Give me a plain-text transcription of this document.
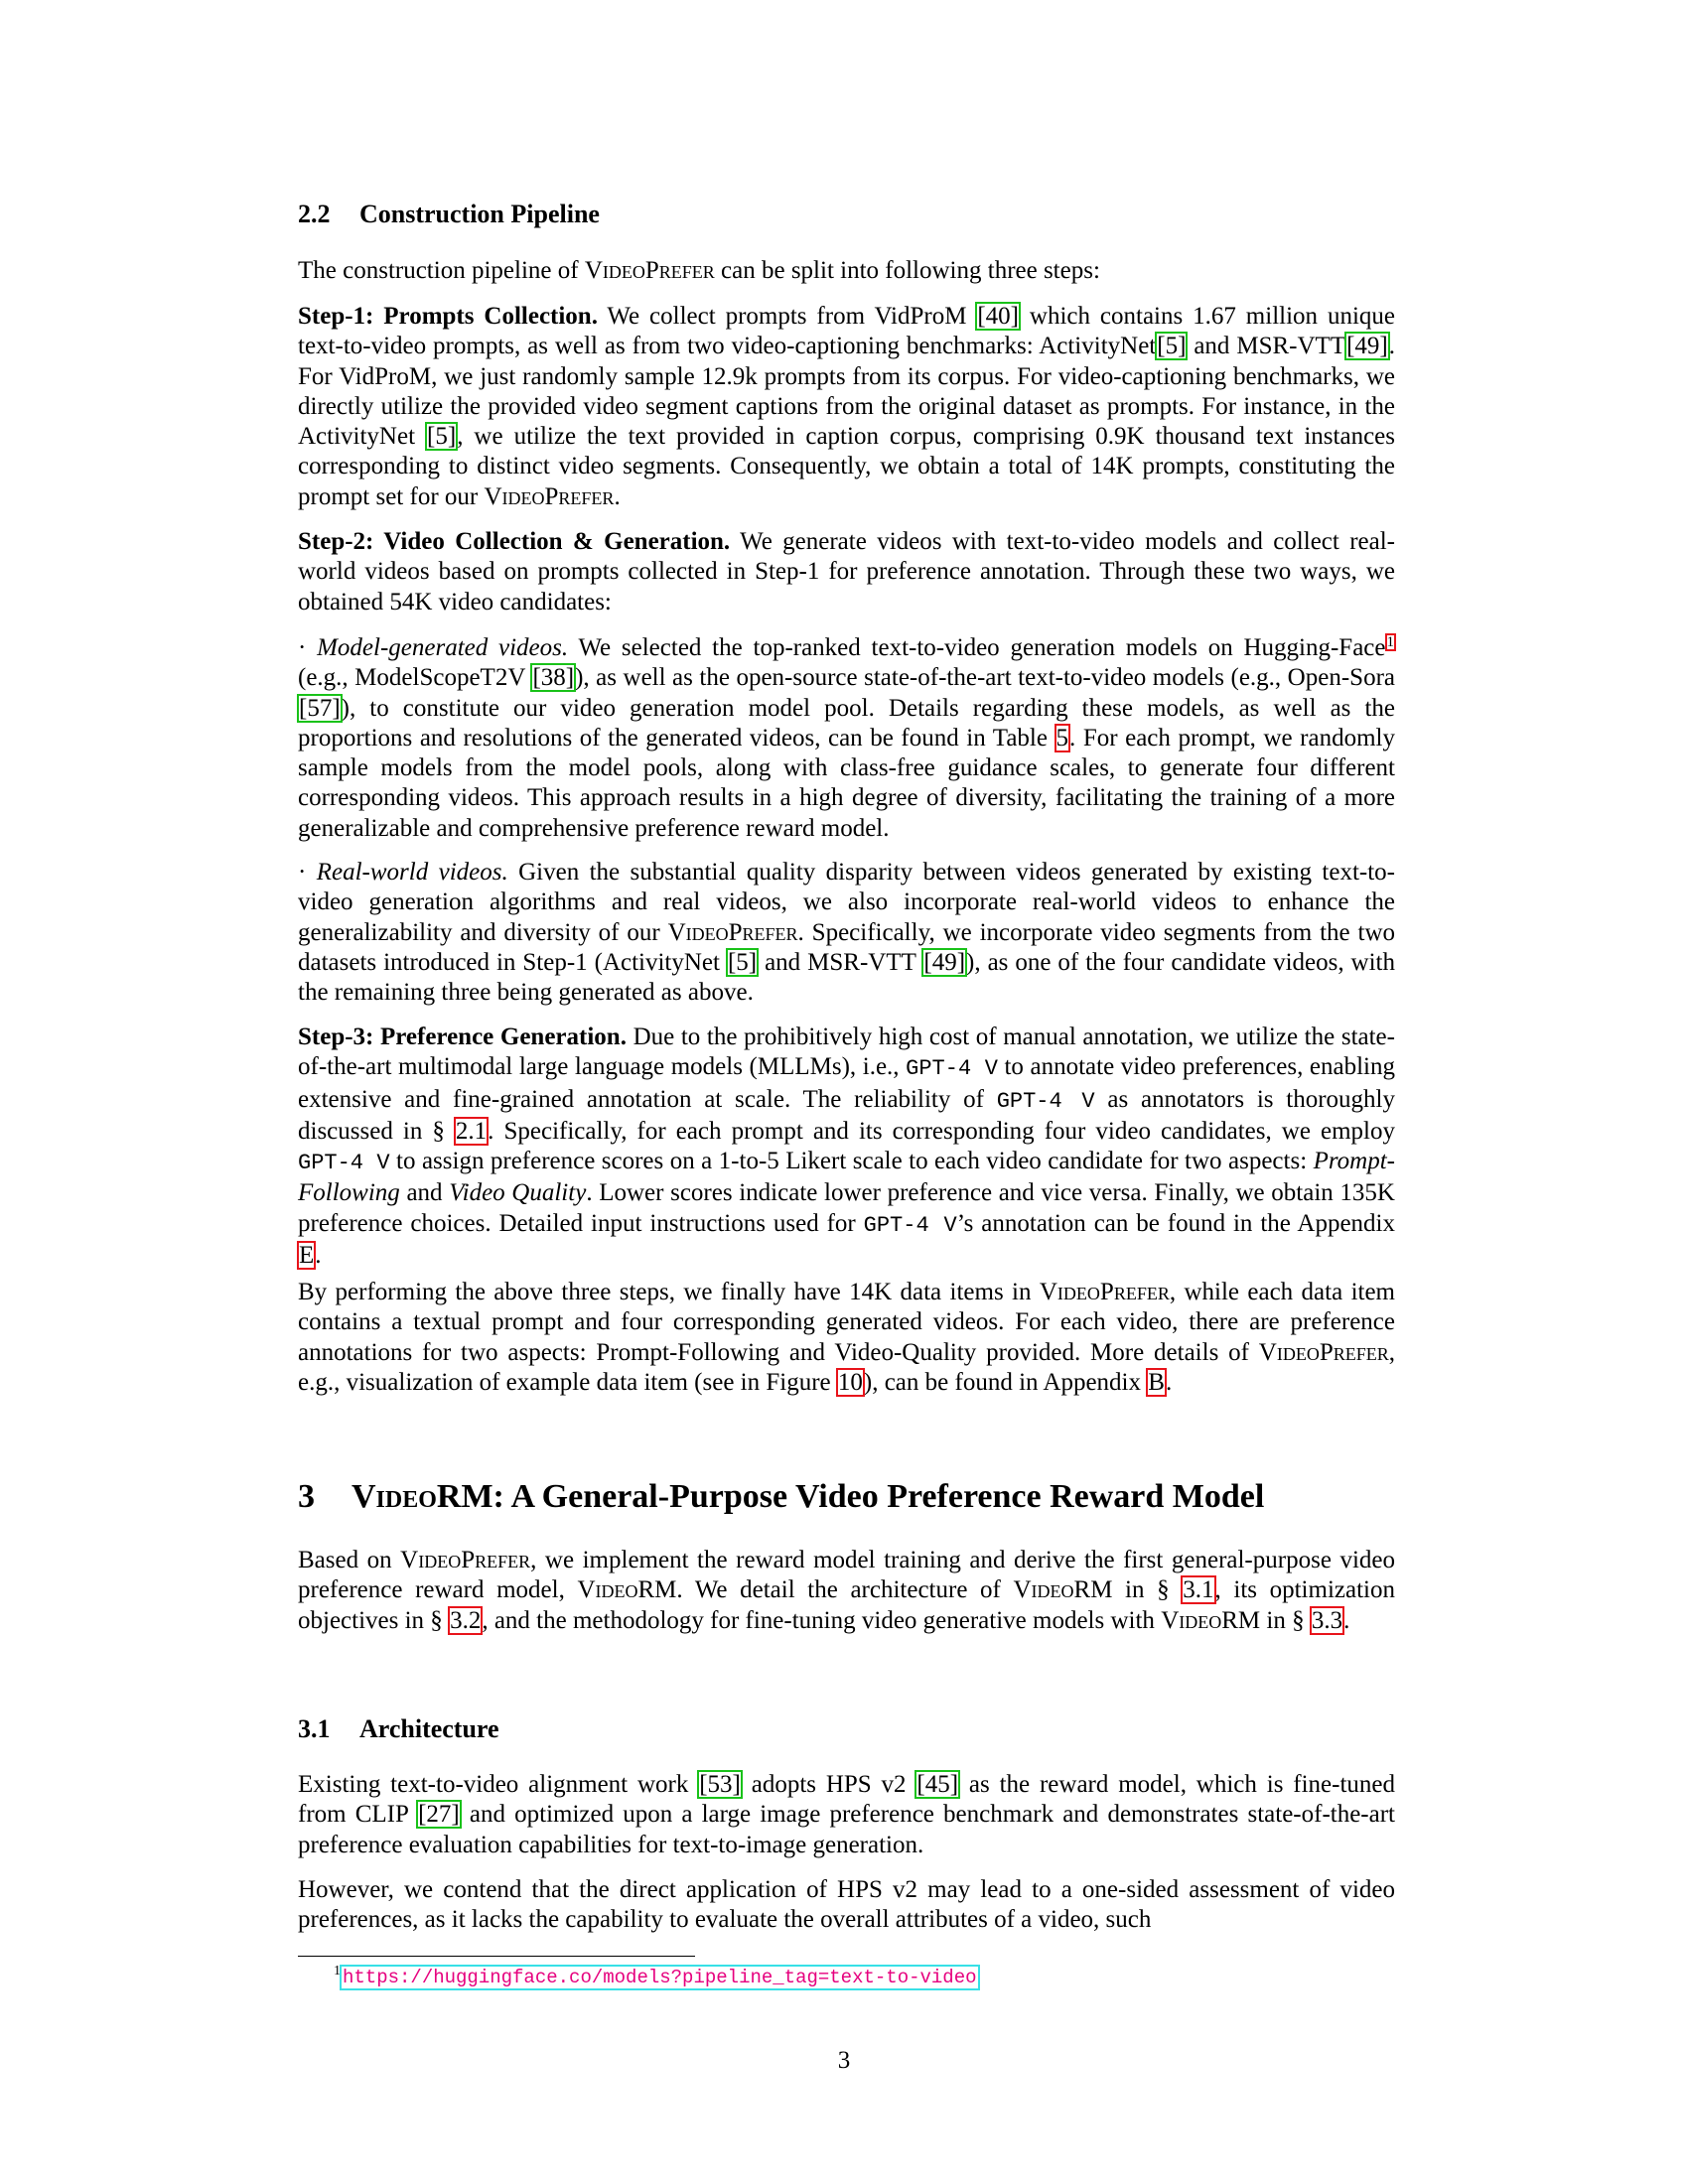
2.2 Construction Pipeline

The construction pipeline of VideoPrefer can be split into following three steps:

Step-1: Prompts Collection. We collect prompts from VidProM [40] which contains 1.67 million unique text-to-video prompts, as well as from two video-captioning benchmarks: ActivityNet[5] and MSR-VTT[49]. For VidProM, we just randomly sample 12.9k prompts from its corpus. For video-captioning benchmarks, we directly utilize the provided video segment captions from the original dataset as prompts. For instance, in the ActivityNet [5], we utilize the text provided in caption corpus, comprising 0.9K thousand text instances corresponding to distinct video segments. Consequently, we obtain a total of 14K prompts, constituting the prompt set for our VideoPrefer.

Step-2: Video Collection & Generation. We generate videos with text-to-video models and collect real-world videos based on prompts collected in Step-1 for preference annotation. Through these two ways, we obtained 54K video candidates:

· Model-generated videos. We selected the top-ranked text-to-video generation models on Hugging-Face$^1$ (e.g., ModelScopeT2V [38]), as well as the open-source state-of-the-art text-to-video models (e.g., Open-Sora [57]), to constitute our video generation model pool. Details regarding these models, as well as the proportions and resolutions of the generated videos, can be found in Table 5. For each prompt, we randomly sample models from the model pools, along with class-free guidance scales, to generate four different corresponding videos. This approach results in a high degree of diversity, facilitating the training of a more generalizable and comprehensive preference reward model.

· Real-world videos. Given the substantial quality disparity between videos generated by existing text-to-video generation algorithms and real videos, we also incorporate real-world videos to enhance the generalizability and diversity of our VideoPrefer. Specifically, we incorporate video segments from the two datasets introduced in Step-1 (ActivityNet [5] and MSR-VTT [49]), as one of the four candidate videos, with the remaining three being generated as above.

Step-3: Preference Generation. Due to the prohibitively high cost of manual annotation, we utilize the state-of-the-art multimodal large language models (MLLMs), i.e., GPT-4 V to annotate video preferences, enabling extensive and fine-grained annotation at scale. The reliability of GPT-4 V as annotators is thoroughly discussed in § 2.1. Specifically, for each prompt and its corresponding four video candidates, we employ GPT-4 V to assign preference scores on a 1-to-5 Likert scale to each video candidate for two aspects: Prompt-Following and Video Quality. Lower scores indicate lower preference and vice versa. Finally, we obtain 135K preference choices. Detailed input instructions used for GPT-4 V’s annotation can be found in the Appendix E.

By performing the above three steps, we finally have 14K data items in VideoPrefer, while each data item contains a textual prompt and four corresponding generated videos. For each video, there are preference annotations for two aspects: Prompt-Following and Video-Quality provided. More details of VideoPrefer, e.g., visualization of example data item (see in Figure 10), can be found in Appendix B.

3 VideoRM: A General-Purpose Video Preference Reward Model

Based on VideoPrefer, we implement the reward model training and derive the first general-purpose video preference reward model, VideoRM. We detail the architecture of VideoRM in § 3.1, its optimization objectives in § 3.2, and the methodology for fine-tuning video generative models with VideoRM in § 3.3.

3.1 Architecture

Existing text-to-video alignment work [53] adopts HPS v2 [45] as the reward model, which is fine-tuned from CLIP [27] and optimized upon a large image preference benchmark and demonstrates state-of-the-art preference evaluation capabilities for text-to-image generation.

However, we contend that the direct application of HPS v2 may lead to a one-sided assessment of video preferences, as it lacks the capability to evaluate the overall attributes of a video, such

$^1$ https://huggingface.co/models?pipeline_tag=text-to-video
3
